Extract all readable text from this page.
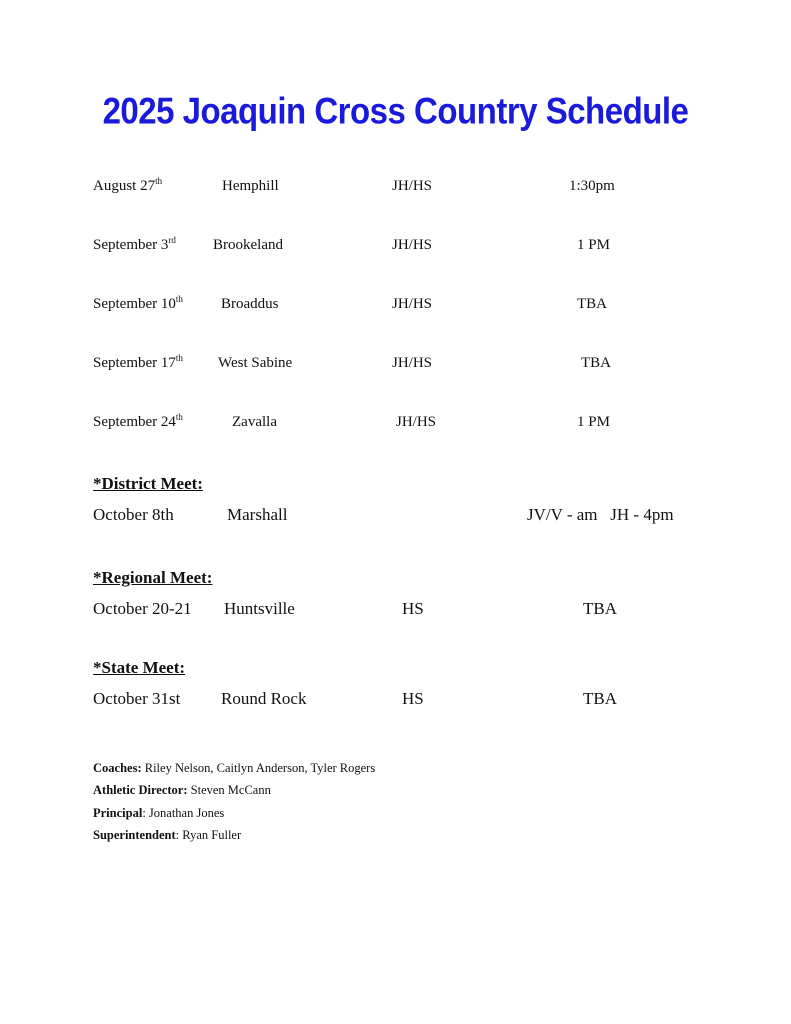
2025 Joaquin Cross Country Schedule
August 27th	Hemphill	JH/HS	1:30pm
September 3rd Brookeland	JH/HS	1 PM
September 10th	Broaddus	JH/HS	TBA
September 17th West Sabine	JH/HS	TBA
September 24th	Zavalla	JH/HS	1 PM
*District Meet:
October 8th	Marshall	JV/V - am   JH - 4pm
*Regional Meet:
October 20-21 Huntsville	HS	TBA
*State Meet:
October 31st Round Rock	HS	TBA
Coaches: Riley Nelson, Caitlyn Anderson, Tyler Rogers
Athletic Director: Steven McCann
Principal: Jonathan Jones
Superintendent: Ryan Fuller
